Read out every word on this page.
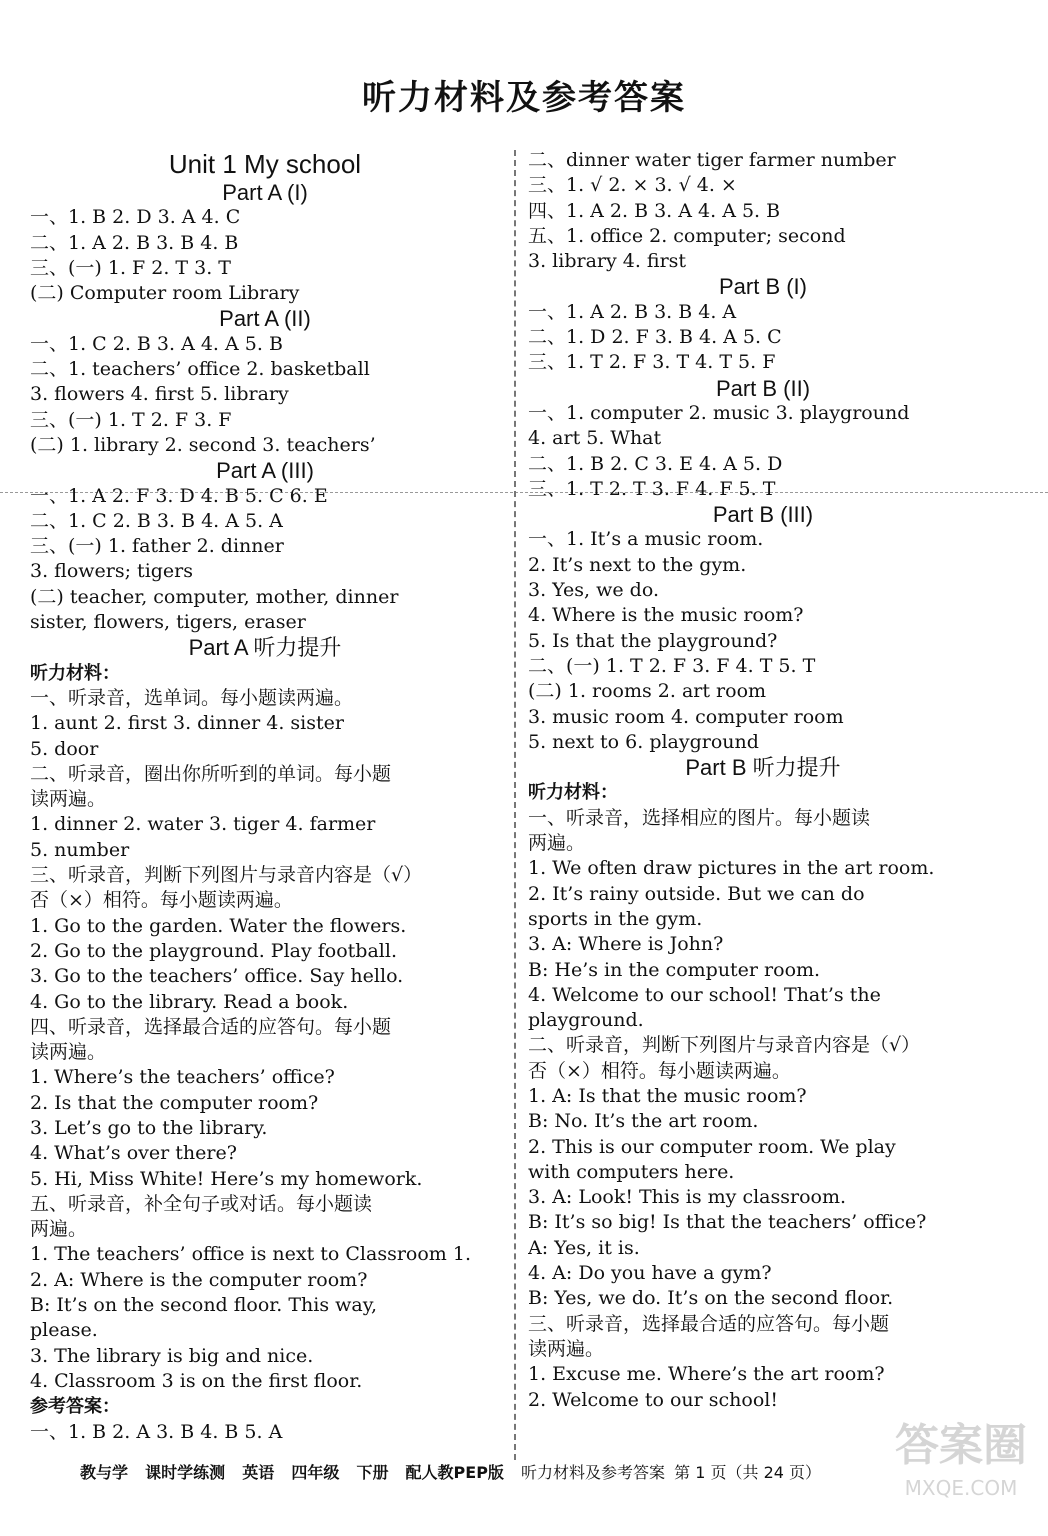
听力材料及参考答案
Unit 1 My school
Part A (I)
一、1. B 2. D 3. A 4. C
二、1. A 2. B 3. B 4. B
三、(一) 1. F 2. T 3. T
(二) Computer room Library
Part A (II)
一、1. C 2. B 3. A 4. A 5. B
二、1. teachers’ office 2. basketball
3. flowers 4. first 5. library
三、(一) 1. T 2. F 3. F
(二) 1. library 2. second 3. teachers’
Part A (III)
一、1. A 2. F 3. D 4. B 5. C 6. E
二、1. C 2. B 3. B 4. A 5. A
三、(一) 1. father 2. dinner
3. flowers; tigers
(二) teacher, computer, mother, dinner
sister, flowers, tigers, eraser
Part A 听力提升
听力材料：
一、听录音，选单词。每小题读两遍。
1. aunt 2. first 3. dinner 4. sister
5. door
二、听录音，圈出你所听到的单词。每小题
读两遍。
1. dinner 2. water 3. tiger 4. farmer
5. number
三、听录音，判断下列图片与录音内容是（√）
否（×）相符。每小题读两遍。
1. Go to the garden. Water the flowers.
2. Go to the playground. Play football.
3. Go to the teachers’ office. Say hello.
4. Go to the library. Read a book.
四、听录音，选择最合适的应答句。每小题
读两遍。
1. Where’s the teachers’ office?
2. Is that the computer room?
3. Let’s go to the library.
4. What’s over there?
5. Hi, Miss White! Here’s my homework.
五、听录音，补全句子或对话。每小题读
两遍。
1. The teachers’ office is next to Classroom 1.
2. A: Where is the computer room?
B: It’s on the second floor. This way,
please.
3. The library is big and nice.
4. Classroom 3 is on the first floor.
参考答案：
一、1. B 2. A 3. B 4. B 5. A
二、dinner water tiger farmer number
三、1. √ 2. × 3. √ 4. ×
四、1. A 2. B 3. A 4. A 5. B
五、1. office 2. computer; second
3. library 4. first
Part B (I)
一、1. A 2. B 3. B 4. A
二、1. D 2. F 3. B 4. A 5. C
三、1. T 2. F 3. T 4. T 5. F
Part B (II)
一、1. computer 2. music 3. playground
4. art 5. What
二、1. B 2. C 3. E 4. A 5. D
三、1. T 2. T 3. F 4. F 5. T
Part B (III)
一、1. It’s a music room.
2. It’s next to the gym.
3. Yes, we do.
4. Where is the music room?
5. Is that the playground?
二、(一) 1. T 2. F 3. F 4. T 5. T
(二) 1. rooms 2. art room
3. music room 4. computer room
5. next to 6. playground
Part B 听力提升
听力材料：
一、听录音，选择相应的图片。每小题读
两遍。
1. We often draw pictures in the art room.
2. It’s rainy outside. But we can do
sports in the gym.
3. A: Where is John?
B: He’s in the computer room.
4. Welcome to our school! That’s the
playground.
二、听录音，判断下列图片与录音内容是（√）
否（×）相符。每小题读两遍。
1. A: Is that the music room?
B: No. It’s the art room.
2. This is our computer room. We play
with computers here.
3. A: Look! This is my classroom.
B: It’s so big! Is that the teachers’ office?
A: Yes, it is.
4. A: Do you have a gym?
B: Yes, we do. It’s on the second floor.
三、听录音，选择最合适的应答句。每小题
读两遍。
1. Excuse me. Where’s the art room?
2. Welcome to our school!
教与学 课时学练测 英语 四年级 下册 配人教PEP版 听力材料及参考答案 第 1 页（共 24 页）
答案圈
MXQE.COM
